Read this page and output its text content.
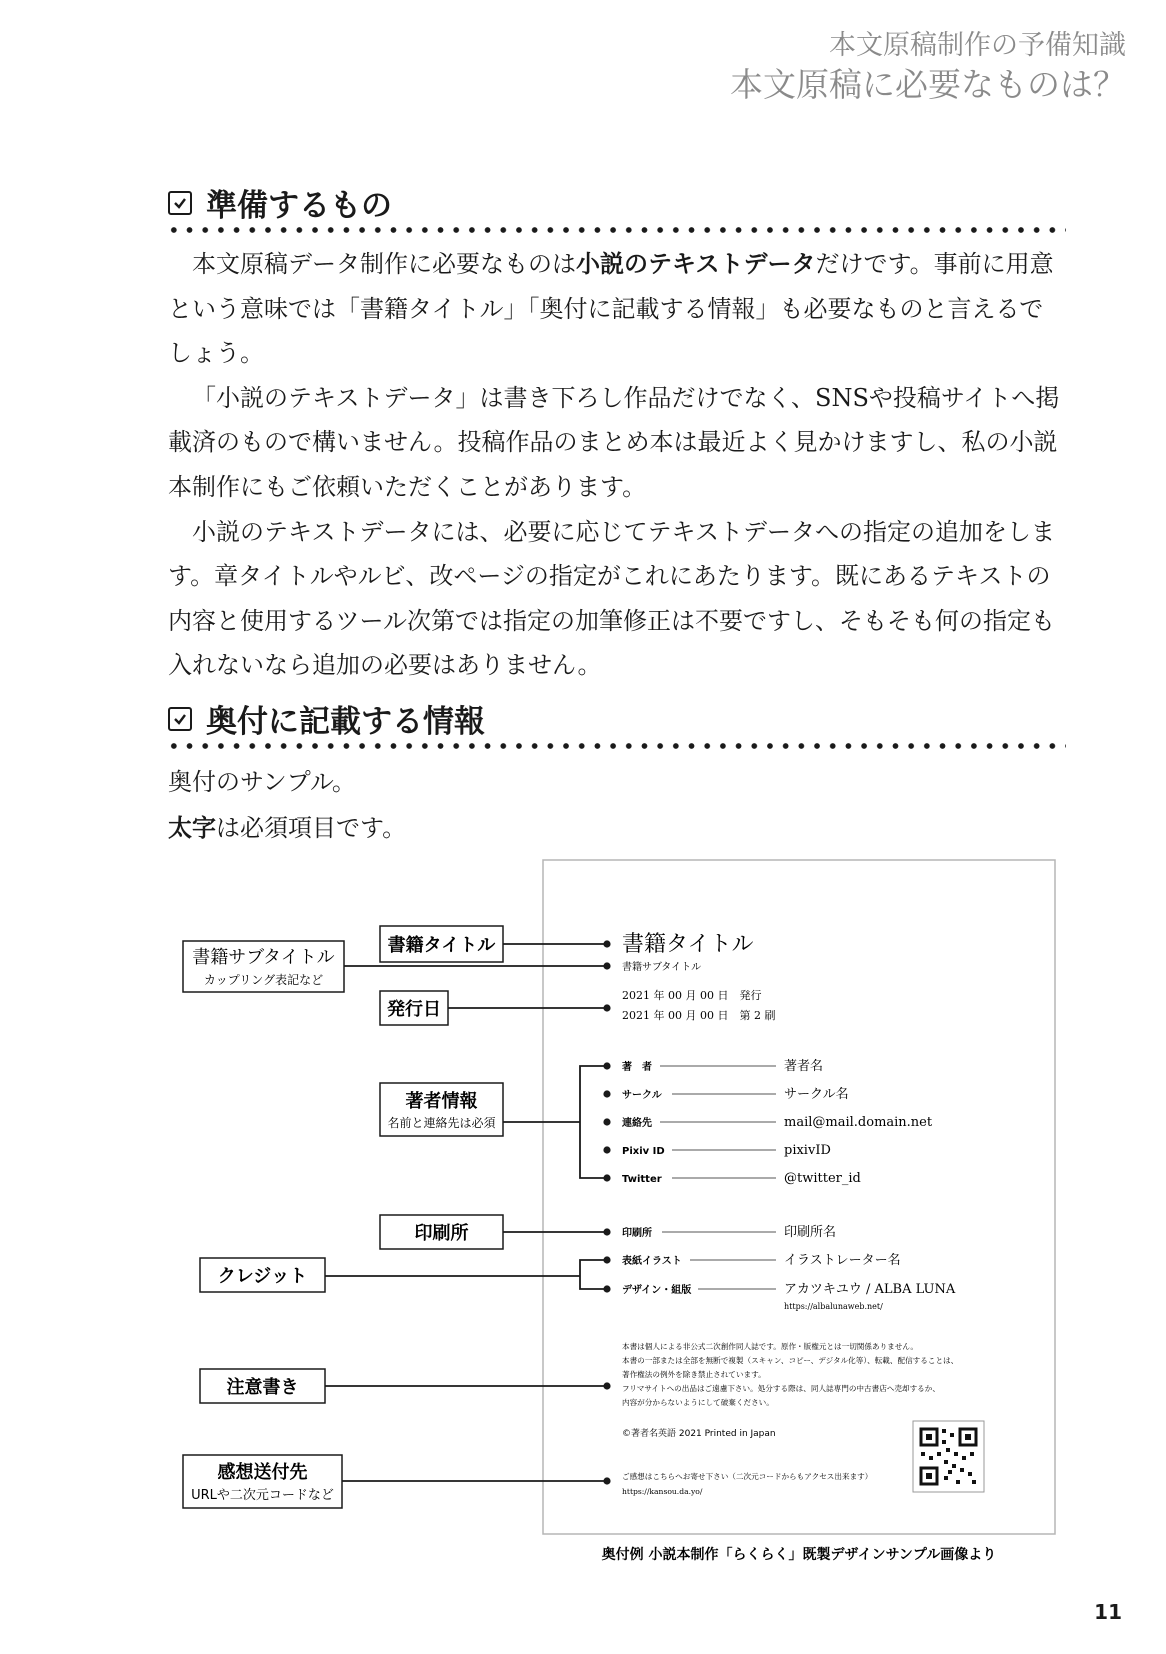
本文原稿制作の予備知識
本文原稿に必要なものは？
準備するもの

本文原稿データ制作に必要なものは小説のテキストデータだけです。事前に用意という意味では「書籍タイトル」「奥付に記載する情報」も必要なものと言えるでしょう。

「小説のテキストデータ」は書き下ろし作品だけでなく、SNSや投稿サイトへ掲載済のもので構いません。投稿作品のまとめ本は最近よく見かけますし、私の小説本制作にもご依頼いただくことがあります。

小説のテキストデータには、必要に応じてテキストデータへの指定の追加をします。章タイトルやルビ、改ページの指定がこれにあたります。既にあるテキストの内容と使用するツール次第では指定の加筆修正は不要ですし、そもそも何の指定も入れないなら追加の必要はありません。

奥付に記載する情報
奥付のサンプル。
太字は必須項目です。
書籍タイトル
書籍サブタイトル
カップリング表記など
発行日
著者情報
名前と連絡先は必須
印刷所
クレジット
注意書き
感想送付先
URLや二次元コードなど
書籍タイトル
書籍サブタイトル
2021 年 00 月 00 日　発行
2021 年 00 月 00 日　第 2 刷
著　者	著者名
サークル	サークル名
連絡先	mail@mail.domain.net
Pixiv ID	pixivID
Twitter	@twitter_id
印刷所	印刷所名
表紙イラスト	イラストレーター名
デザイン・組版	アカツキユウ / ALBA LUNA
https://albalunaweb.net/
本書は個人による非公式二次創作同人誌です。原作・版権元とは一切関係ありません。
本書の一部または全部を無断で複製（スキャン、コピー、デジタル化等）、転載、配信することは、
著作権法の例外を除き禁止されています。
フリマサイトへの出品はご遠慮下さい。処分する際は、同人誌専門の中古書店へ売却するか、
内容が分からないようにして破棄ください。
©著者名英語 2021 Printed in Japan
ご感想はこちらへお寄せ下さい（二次元コードからもアクセス出来ます）
https://kansou.da.yo/
奥付例 小説本制作「らくらく」既製デザインサンプル画像より
11
